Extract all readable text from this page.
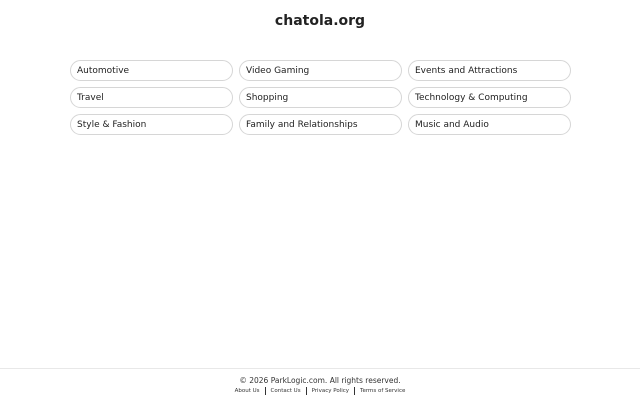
chatola.org
Automotive	Video Gaming	Events and Attractions
Travel	Shopping	Technology & Computing
Style & Fashion	Family and Relationships	Music and Audio
© 2026 ParkLogic.com. All rights reserved.
About Us	Contact Us	Privacy Policy	Terms of Service
